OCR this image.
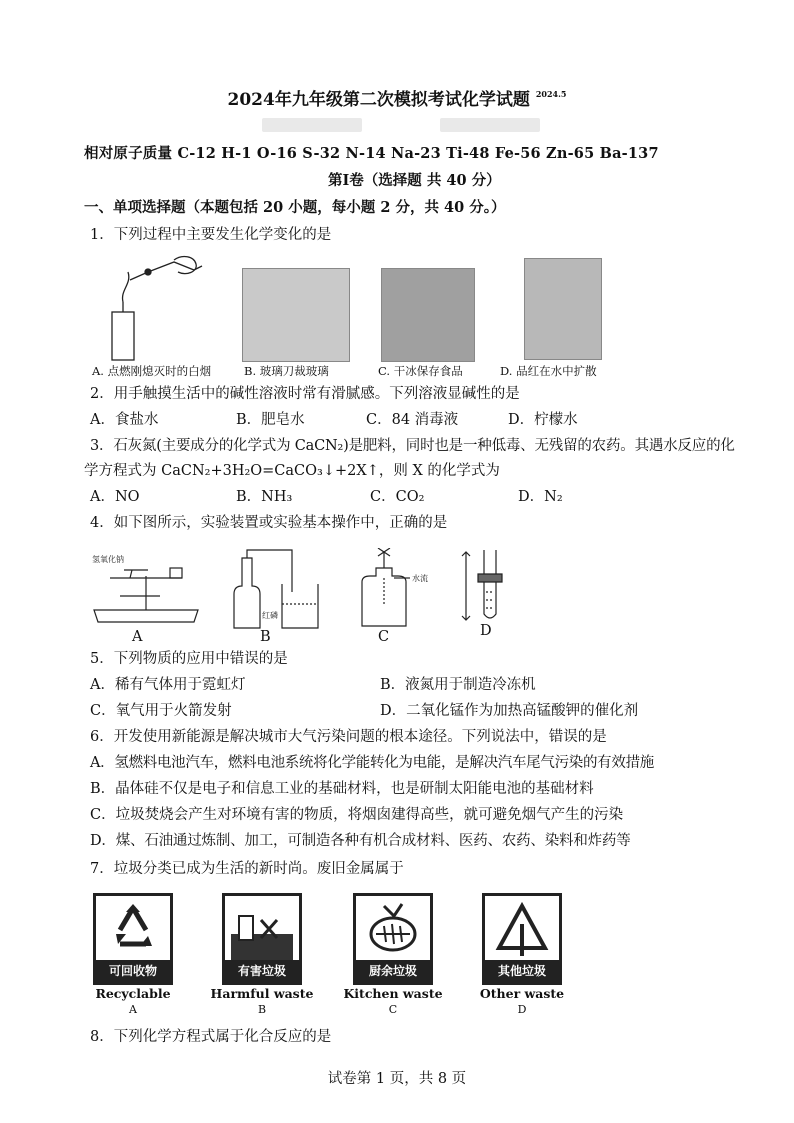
2024年九年级第二次模拟考试化学试题 $^{2024.5}$
相对原子质量 C-12 H-1 O-16 S-32 N-14 Na-23 Ti-48 Fe-56 Zn-65 Ba-137
第Ⅰ卷（选择题 共 40 分）
一、单项选择题（本题包括 20 小题，每小题 2 分，共 40 分。）
1．下列过程中主要发生化学变化的是
A. 点燃刚熄灭时的白烟	B. 玻璃刀裁玻璃	C. 干冰保存食品	D. 品红在水中扩散
2．用手触摸生活中的碱性溶液时常有滑腻感。下列溶液显碱性的是
A．食盐水	B．肥皂水	C．84 消毒液	D．柠檬水
3．石灰氮(主要成分的化学式为 CaCN₂)是肥料，同时也是一种低毒、无残留的农药。其遇水反应的化
学方程式为 CaCN₂+3H₂O=CaCO₃↓+2X↑，则 X 的化学式为
A．NO	B．NH₃	C．CO₂	D．N₂
4．如下图所示，实验装置或实验基本操作中，正确的是
氢氧化钠
红磷
水流
A	B	C	D
5．下列物质的应用中错误的是
A．稀有气体用于霓虹灯	B．液氮用于制造冷冻机
C．氧气用于火箭发射	D．二氧化锰作为加热高锰酸钾的催化剂
6．开发使用新能源是解决城市大气污染问题的根本途径。下列说法中，错误的是
A．氢燃料电池汽车，燃料电池系统将化学能转化为电能，是解决汽车尾气污染的有效措施
B．晶体硅不仅是电子和信息工业的基础材料，也是研制太阳能电池的基础材料
C．垃圾焚烧会产生对环境有害的物质，将烟囱建得高些，就可避免烟气产生的污染
D．煤、石油通过炼制、加工，可制造各种有机合成材料、医药、农药、染料和炸药等
7．垃圾分类已成为生活的新时尚。废旧金属属于
可回收物	有害垃圾	厨余垃圾	其他垃圾
Recyclable	Harmful waste	Kitchen waste	Other waste
A	B	C	D
8．下列化学方程式属于化合反应的是
试卷第 1 页，共 8 页
